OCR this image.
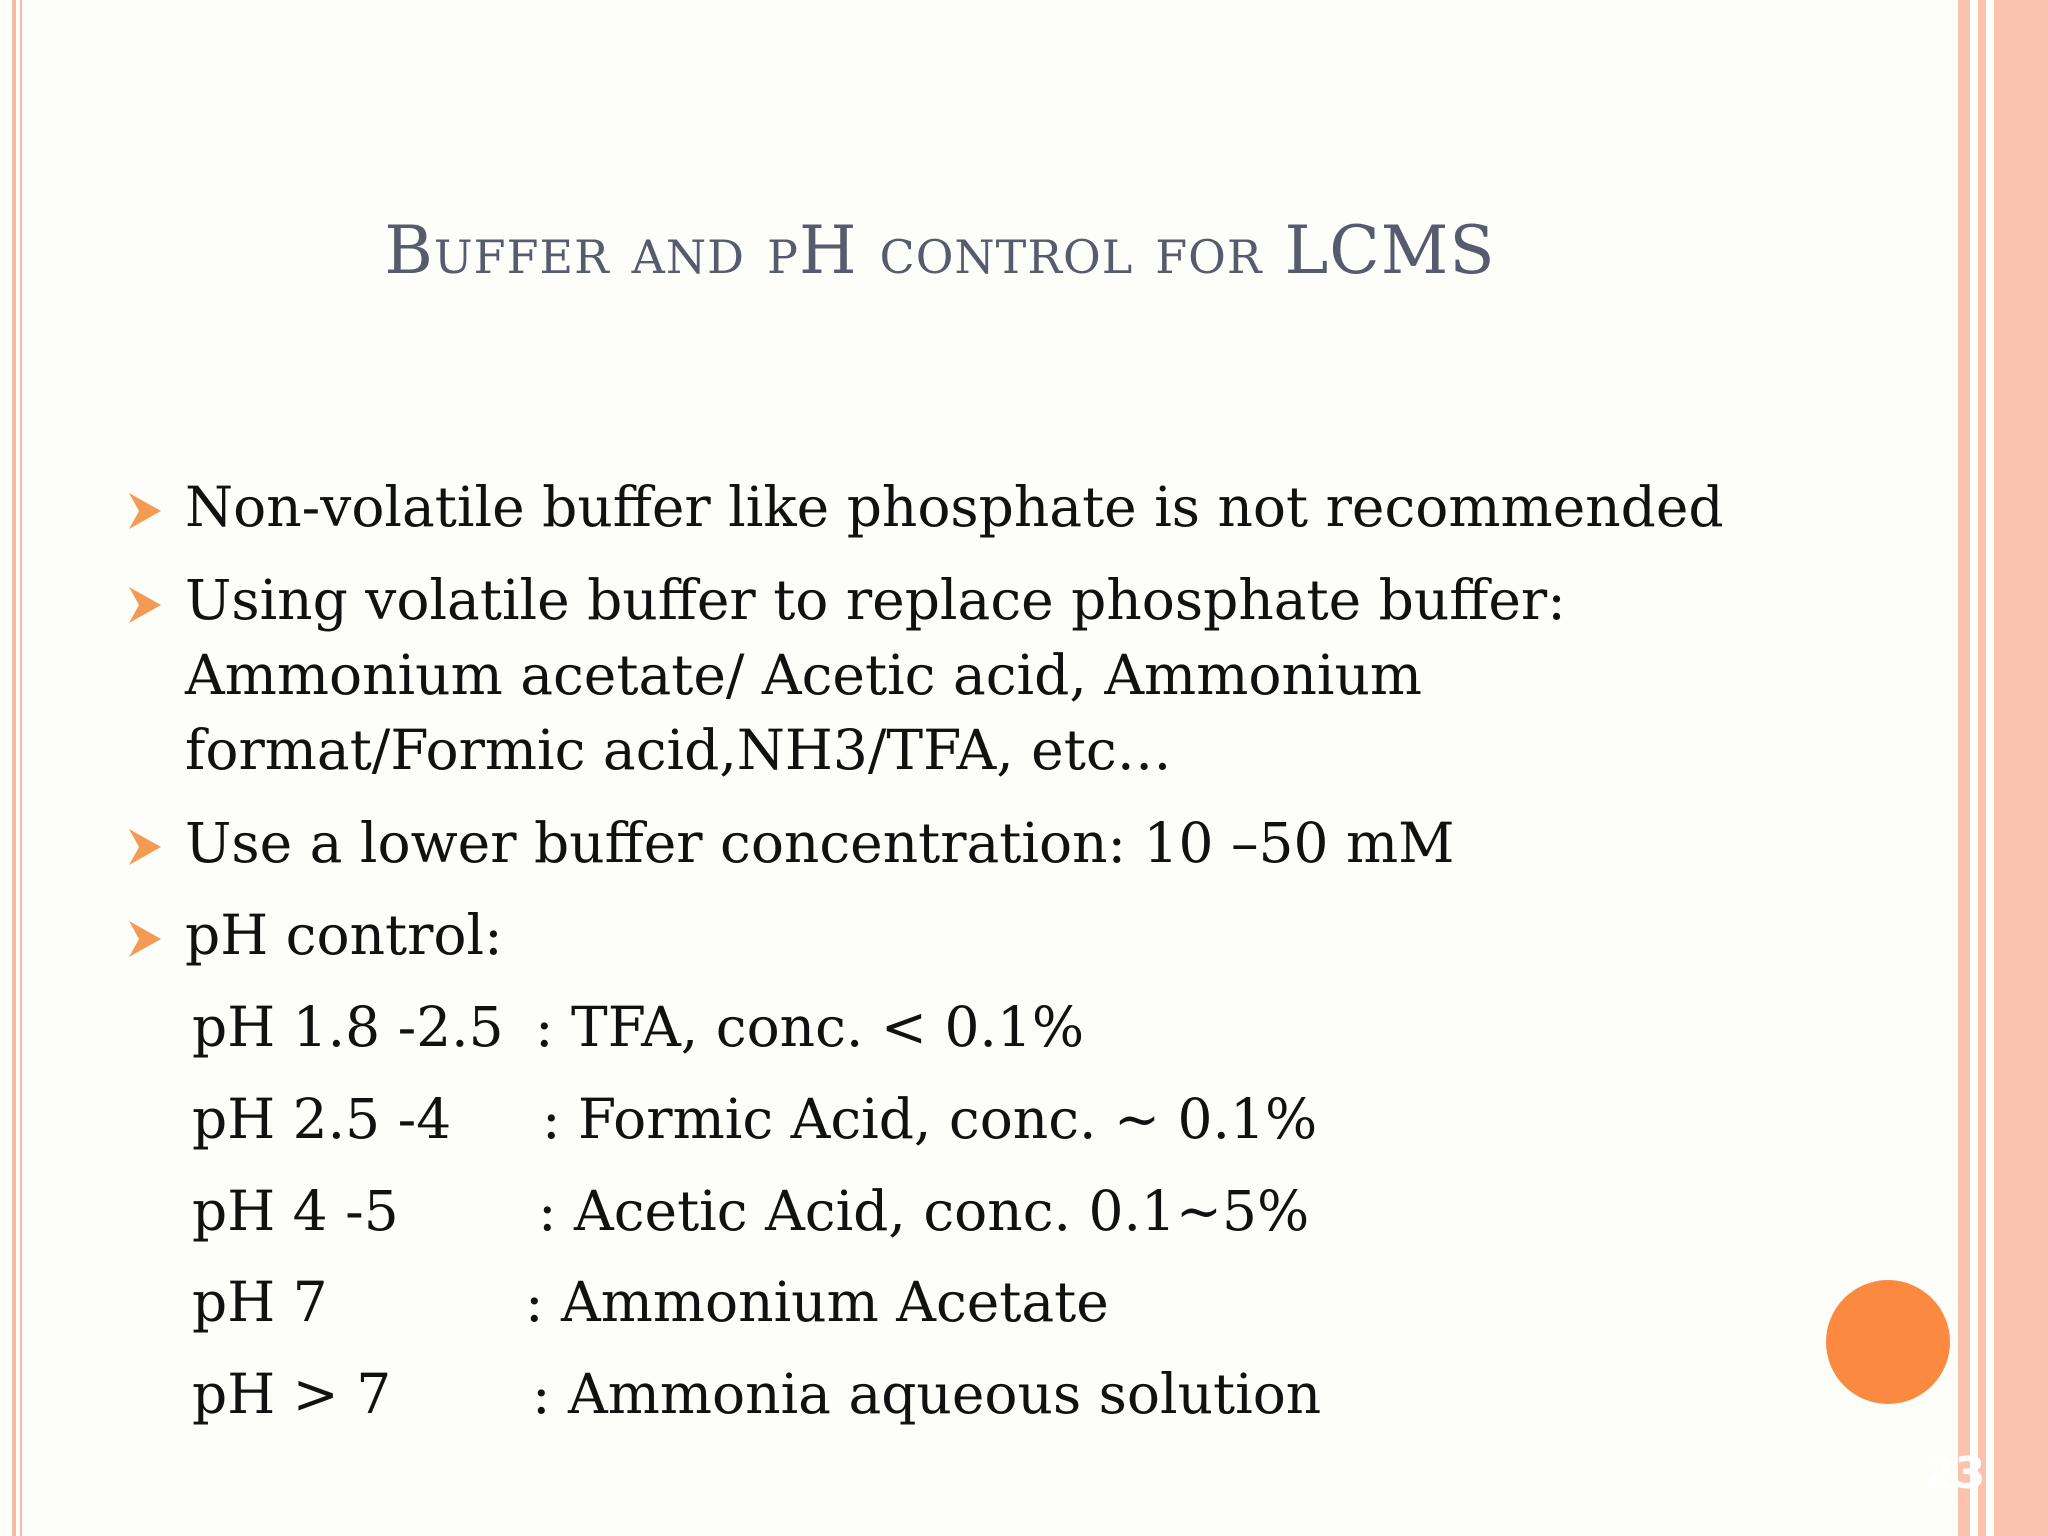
Buffer and pH control for LCMS
Non-volatile buffer like phosphate is not recommended
Using volatile buffer to replace phosphate buffer:
Ammonium acetate/ Acetic acid, Ammonium
format/Formic acid,NH3/TFA, etc…
Use a lower buffer concentration: 10 –50 mM
pH control:
pH 1.8 -2.5 : TFA, conc. < 0.1%
pH 2.5 -4 : Formic Acid, conc. ~ 0.1%
pH 4 -5	: Acetic Acid, conc. 0.1~5%
pH 7	: Ammonium Acetate
pH > 7	: Ammonia aqueous solution
23
